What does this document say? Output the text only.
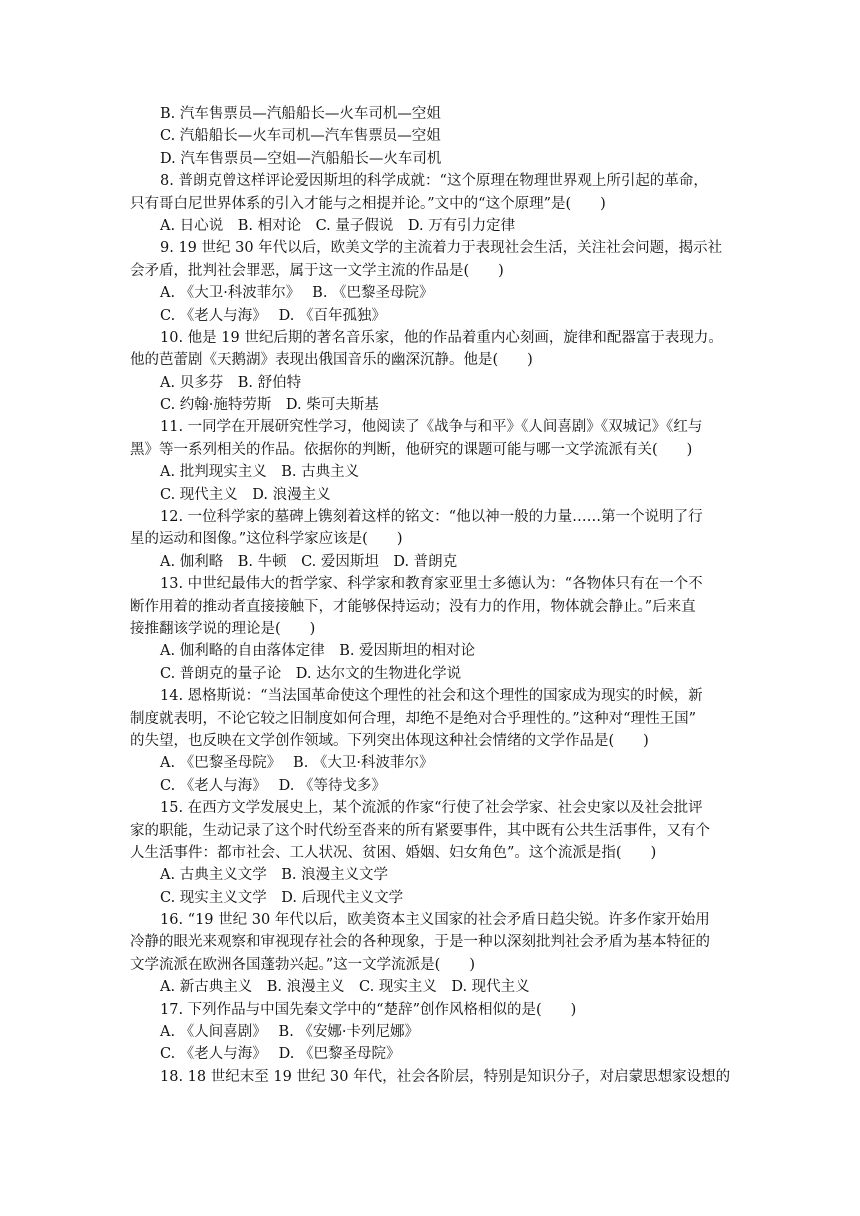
B. 汽车售票员—汽船船长—火车司机—空姐
C. 汽船船长—火车司机—汽车售票员—空姐
D. 汽车售票员—空姐—汽船船长—火车司机
8. 普朗克曾这样评论爱因斯坦的科学成就：“这个原理在物理世界观上所引起的革命，
只有哥白尼世界体系的引入才能与之相提并论。”文中的“这个原理”是(　　)
A. 日心说　B. 相对论　C. 量子假说　D. 万有引力定律
9. 19 世纪 30 年代以后，欧美文学的主流着力于表现社会生活，关注社会问题，揭示社
会矛盾，批判社会罪恶，属于这一文学主流的作品是(　　)
A. 《大卫·科波菲尔》　 B. 《巴黎圣母院》
C. 《老人与海》　 D. 《百年孤独》
10. 他是 19 世纪后期的著名音乐家，他的作品着重内心刻画，旋律和配器富于表现力。
他的芭蕾剧《天鹅湖》表现出俄国音乐的幽深沉静。他是(　　)
A. 贝多芬　B. 舒伯特
C. 约翰·施特劳斯　D. 柴可夫斯基
11. 一同学在开展研究性学习，他阅读了《战争与和平》《人间喜剧》《双城记》《红与
黑》等一系列相关的作品。依据你的判断，他研究的课题可能与哪一文学流派有关(　　)
A. 批判现实主义　B. 古典主义
C. 现代主义　D. 浪漫主义
12. 一位科学家的墓碑上镌刻着这样的铭文：“他以神一般的力量……第一个说明了行
星的运动和图像。”这位科学家应该是(　　)
A. 伽利略　B. 牛顿　C. 爱因斯坦　D. 普朗克
13. 中世纪最伟大的哲学家、科学家和教育家亚里士多德认为：“各物体只有在一个不
断作用着的推动者直接接触下，才能够保持运动；没有力的作用，物体就会静止。”后来直
接推翻该学说的理论是(　　)
A. 伽利略的自由落体定律　B. 爱因斯坦的相对论
C. 普朗克的量子论　D. 达尔文的生物进化学说
14. 恩格斯说：“当法国革命使这个理性的社会和这个理性的国家成为现实的时候，新
制度就表明，不论它较之旧制度如何合理，却绝不是绝对合乎理性的。”这种对“理性王国”
的失望，也反映在文学创作领域。下列突出体现这种社会情绪的文学作品是(　　)
A. 《巴黎圣母院》　 B. 《大卫·科波菲尔》
C. 《老人与海》　 D. 《等待戈多》
15. 在西方文学发展史上，某个流派的作家“行使了社会学家、社会史家以及社会批评
家的职能，生动记录了这个时代纷至沓来的所有紧要事件，其中既有公共生活事件，又有个
人生活事件：都市社会、工人状况、贫困、婚姻、妇女角色”。这个流派是指(　　)
A. 古典主义文学　B. 浪漫主义文学
C. 现实主义文学　D. 后现代主义文学
16. “19 世纪 30 年代以后，欧美资本主义国家的社会矛盾日趋尖锐。许多作家开始用
冷静的眼光来观察和审视现存社会的各种现象，于是一种以深刻批判社会矛盾为基本特征的
文学流派在欧洲各国蓬勃兴起。”这一文学流派是(　　)
A. 新古典主义　B. 浪漫主义　C. 现实主义　D. 现代主义
17. 下列作品与中国先秦文学中的“楚辞”创作风格相似的是(　　)
A. 《人间喜剧》　 B. 《安娜·卡列尼娜》
C. 《老人与海》　 D. 《巴黎圣母院》
18. 18 世纪末至 19 世纪 30 年代，社会各阶层，特别是知识分子，对启蒙思想家设想的
